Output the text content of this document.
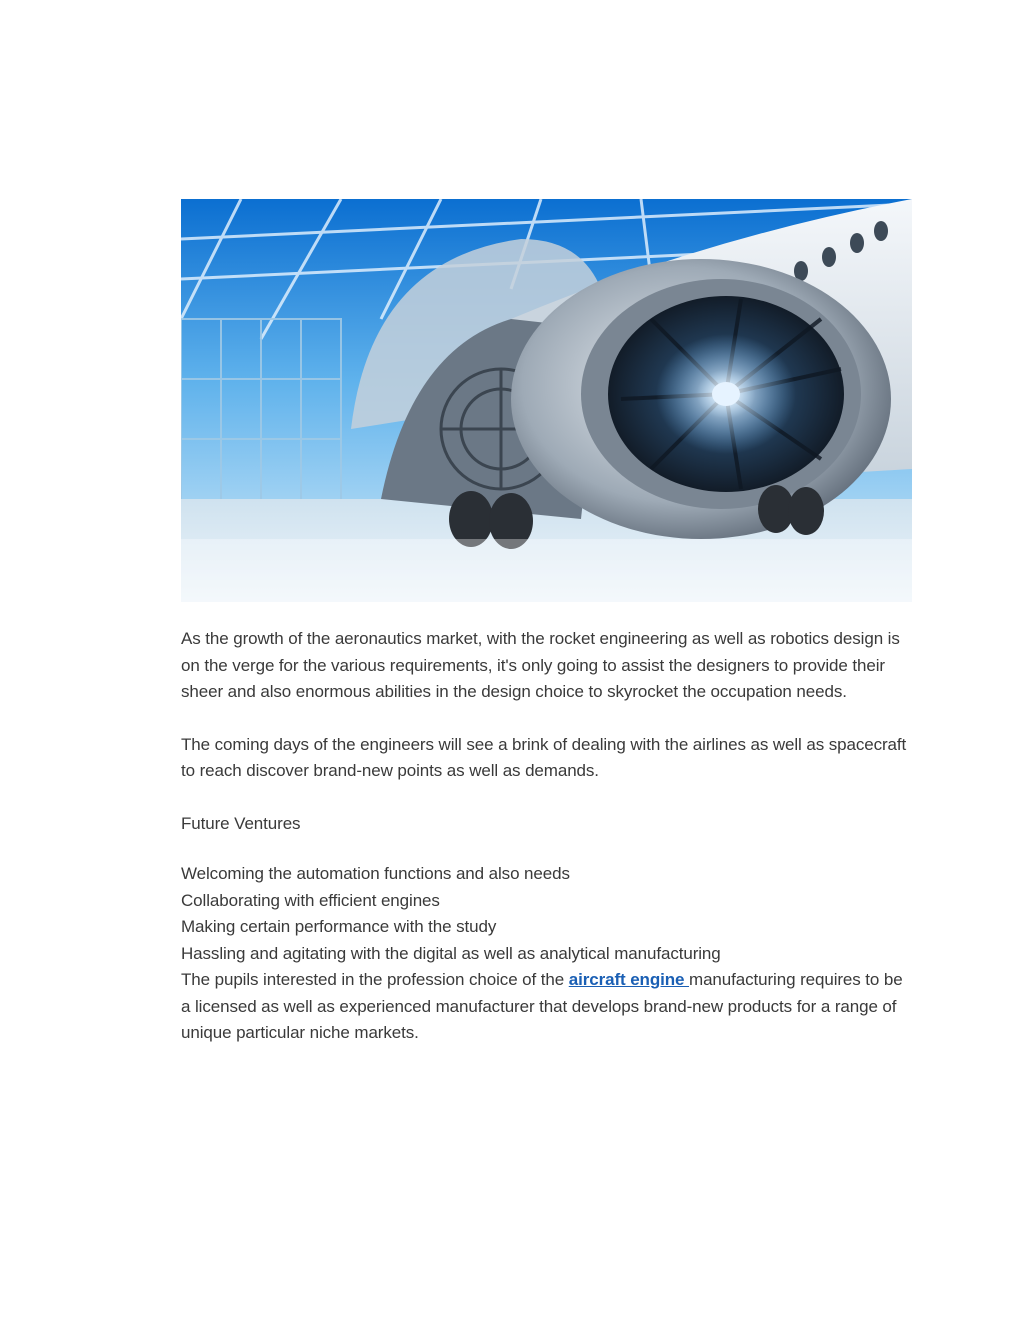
As the growth of the aeronautics market, with the rocket engineering as well as robotics design is on the verge for the various requirements, it's only going to assist the designers to provide their sheer and also enormous abilities in the design choice to skyrocket the occupation needs.

The coming days of the engineers will see a brink of dealing with the airlines as well as spacecraft to reach discover brand-new points as well as demands.

Future Ventures

Welcoming the automation functions and also needs

Collaborating with efficient engines

Making certain performance with the study

Hassling and agitating with the digital as well as analytical manufacturing

The pupils interested in the profession choice of the aircraft engine manufacturing requires to be a licensed as well as experienced manufacturer that develops brand-new products for a range of unique particular niche markets.
